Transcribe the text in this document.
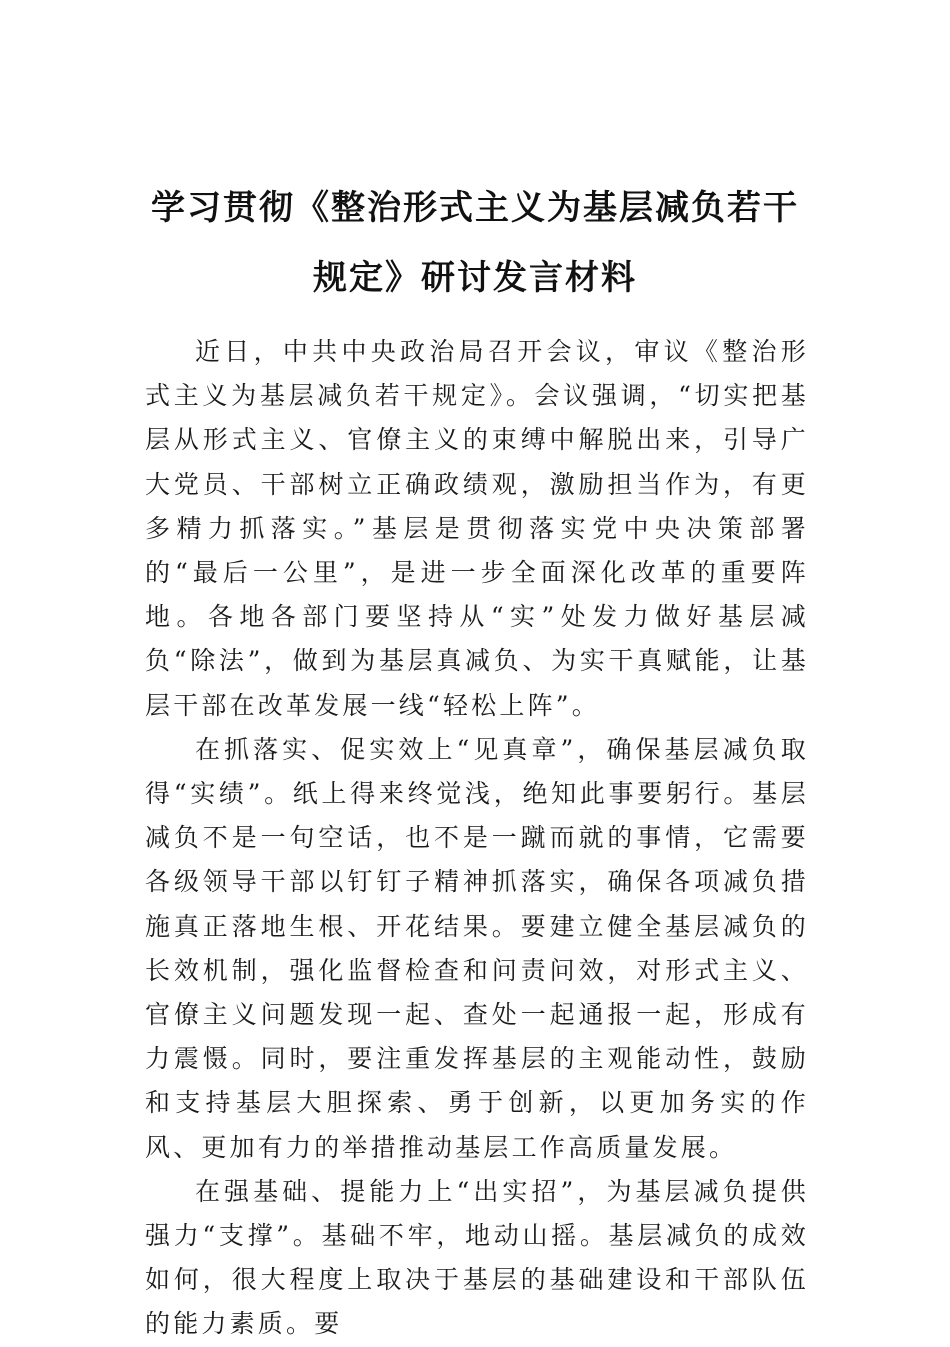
学习贯彻《整治形式主义为基层减负若干
规定》研讨发言材料

近日，中共中央政治局召开会议，审议《整治形式主义为基层减负若干规定》。会议强调，“切实把基层从形式主义、官僚主义的束缚中解脱出来，引导广大党员、干部树立正确政绩观，激励担当作为，有更多精力抓落实。”基层是贯彻落实党中央决策部署的“最后一公里”，是进一步全面深化改革的重要阵地。各地各部门要坚持从“实”处发力做好基层减负“除法”，做到为基层真减负、为实干真赋能，让基层干部在改革发展一线“轻松上阵”。

在抓落实、促实效上“见真章”，确保基层减负取得“实绩”。纸上得来终觉浅，绝知此事要躬行。基层减负不是一句空话，也不是一蹴而就的事情，它需要各级领导干部以钉钉子精神抓落实，确保各项减负措施真正落地生根、开花结果。要建立健全基层减负的长效机制，强化监督检查和问责问效，对形式主义、官僚主义问题发现一起、查处一起通报一起，形成有力震慑。同时，要注重发挥基层的主观能动性，鼓励和支持基层大胆探索、勇于创新，以更加务实的作风、更加有力的举措推动基层工作高质量发展。

在强基础、提能力上“出实招”，为基层减负提供强力“支撑”。基础不牢，地动山摇。基层减负的成效如何，很大程度上取决于基层的基础建设和干部队伍的能力素质。要
